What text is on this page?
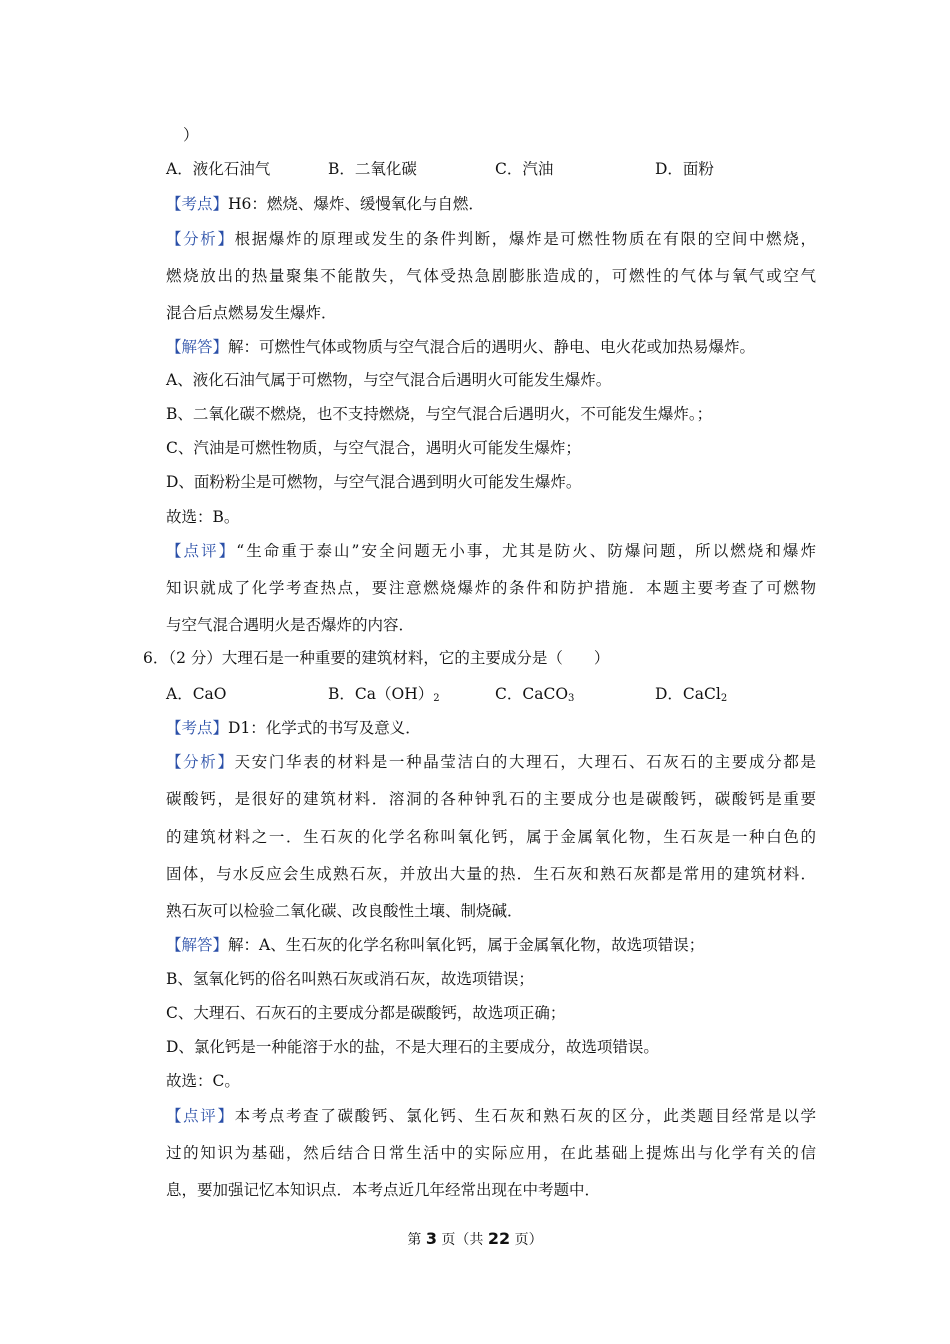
）
A．液化石油气	B．二氧化碳	C．汽油	D．面粉
【考点】H6：燃烧、爆炸、缓慢氧化与自燃．
【分析】根据爆炸的原理或发生的条件判断，爆炸是可燃性物质在有限的空间中燃烧，
燃烧放出的热量聚集不能散失，气体受热急剧膨胀造成的，可燃性的气体与氧气或空气
混合后点燃易发生爆炸．
【解答】解：可燃性气体或物质与空气混合后的遇明火、静电、电火花或加热易爆炸。
A、液化石油气属于可燃物，与空气混合后遇明火可能发生爆炸。
B、二氧化碳不燃烧，也不支持燃烧，与空气混合后遇明火，不可能发生爆炸。；
C、汽油是可燃性物质，与空气混合，遇明火可能发生爆炸；
D、面粉粉尘是可燃物，与空气混合遇到明火可能发生爆炸。
故选：B。
【点评】“生命重于泰山”安全问题无小事，尤其是防火、防爆问题，所以燃烧和爆炸
知识就成了化学考查热点，要注意燃烧爆炸的条件和防护措施．本题主要考查了可燃物
与空气混合遇明火是否爆炸的内容．
6．（2 分）大理石是一种重要的建筑材料，它的主要成分是（　　）
A．CaO	B．$Ca(OH)_2$	C．CaCO$_3$	D．CaCl$_2$
【考点】D1：化学式的书写及意义．
【分析】天安门华表的材料是一种晶莹洁白的大理石，大理石、石灰石的主要成分都是
碳酸钙，是很好的建筑材料．溶洞的各种钟乳石的主要成分也是碳酸钙，碳酸钙是重要
的建筑材料之一．生石灰的化学名称叫氧化钙，属于金属氧化物，生石灰是一种白色的
固体，与水反应会生成熟石灰，并放出大量的热．生石灰和熟石灰都是常用的建筑材料．
熟石灰可以检验二氧化碳、改良酸性土壤、制烧碱．
【解答】解：A、生石灰的化学名称叫氧化钙，属于金属氧化物，故选项错误；
B、氢氧化钙的俗名叫熟石灰或消石灰，故选项错误；
C、大理石、石灰石的主要成分都是碳酸钙，故选项正确；
D、氯化钙是一种能溶于水的盐，不是大理石的主要成分，故选项错误。
故选：C。
【点评】本考点考查了碳酸钙、氯化钙、生石灰和熟石灰的区分，此类题目经常是以学
过的知识为基础，然后结合日常生活中的实际应用，在此基础上提炼出与化学有关的信
息，要加强记忆本知识点．本考点近几年经常出现在中考题中．
第 3 页（共 22 页）
